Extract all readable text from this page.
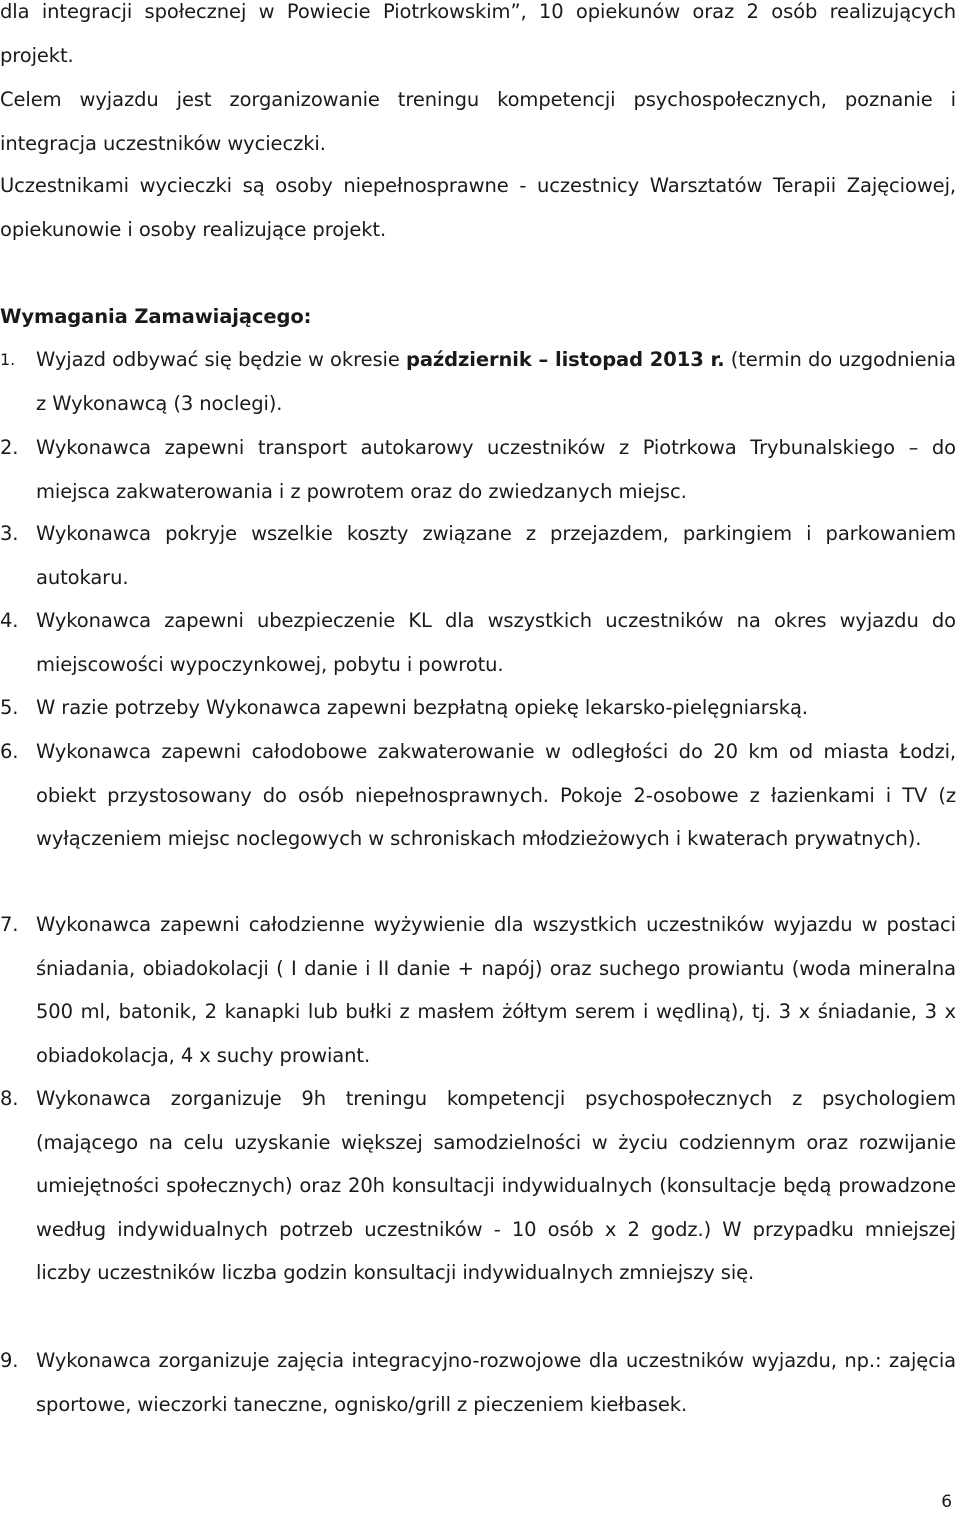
dla integracji społecznej w Powiecie Piotrkowskim”, 10 opiekunów oraz 2 osób realizujących projekt.

Celem wyjazdu jest zorganizowanie treningu kompetencji psychospołecznych, poznanie i integracja uczestników wycieczki.

Uczestnikami wycieczki są osoby niepełnosprawne - uczestnicy Warsztatów Terapii Zajęciowej, opiekunowie i osoby realizujące projekt.

Wymagania Zamawiającego:

1.	Wyjazd odbywać się będzie w okresie październik – listopad 2013 r. (termin do uzgodnienia z Wykonawcą (3 noclegi).
2. Wykonawca zapewni transport autokarowy uczestników z Piotrkowa Trybunalskiego – do miejsca zakwaterowania i z powrotem oraz do zwiedzanych miejsc.
3. Wykonawca pokryje wszelkie koszty związane z przejazdem, parkingiem i parkowaniem autokaru.
4. Wykonawca zapewni ubezpieczenie KL dla wszystkich uczestników na okres wyjazdu do miejscowości wypoczynkowej, pobytu i powrotu.
5. W razie potrzeby Wykonawca zapewni bezpłatną opiekę lekarsko-pielęgniarską.
6. Wykonawca zapewni całodobowe zakwaterowanie w odległości do 20 km od miasta Łodzi, obiekt przystosowany do osób niepełnosprawnych. Pokoje 2-osobowe z łazienkami i TV (z wyłączeniem miejsc noclegowych w schroniskach młodzieżowych i kwaterach prywatnych).
7. Wykonawca zapewni całodzienne wyżywienie dla wszystkich uczestników wyjazdu w postaci śniadania, obiadokolacji ( I danie i II danie + napój) oraz suchego prowiantu (woda mineralna 500 ml, batonik, 2 kanapki lub bułki z masłem żółtym serem i wędliną), tj. 3 x śniadanie, 3 x obiadokolacja, 4 x suchy prowiant.
8. Wykonawca zorganizuje 9h treningu kompetencji psychospołecznych z psychologiem (mającego na celu uzyskanie większej samodzielności w życiu codziennym oraz rozwijanie umiejętności społecznych) oraz 20h konsultacji indywidualnych (konsultacje będą prowadzone według indywidualnych potrzeb uczestników - 10 osób x 2 godz.) W przypadku mniejszej liczby uczestników liczba godzin konsultacji indywidualnych zmniejszy się.
9. Wykonawca zorganizuje zajęcia integracyjno-rozwojowe dla uczestników wyjazdu, np.: zajęcia sportowe, wieczorki taneczne, ognisko/grill z pieczeniem kiełbasek.
6
